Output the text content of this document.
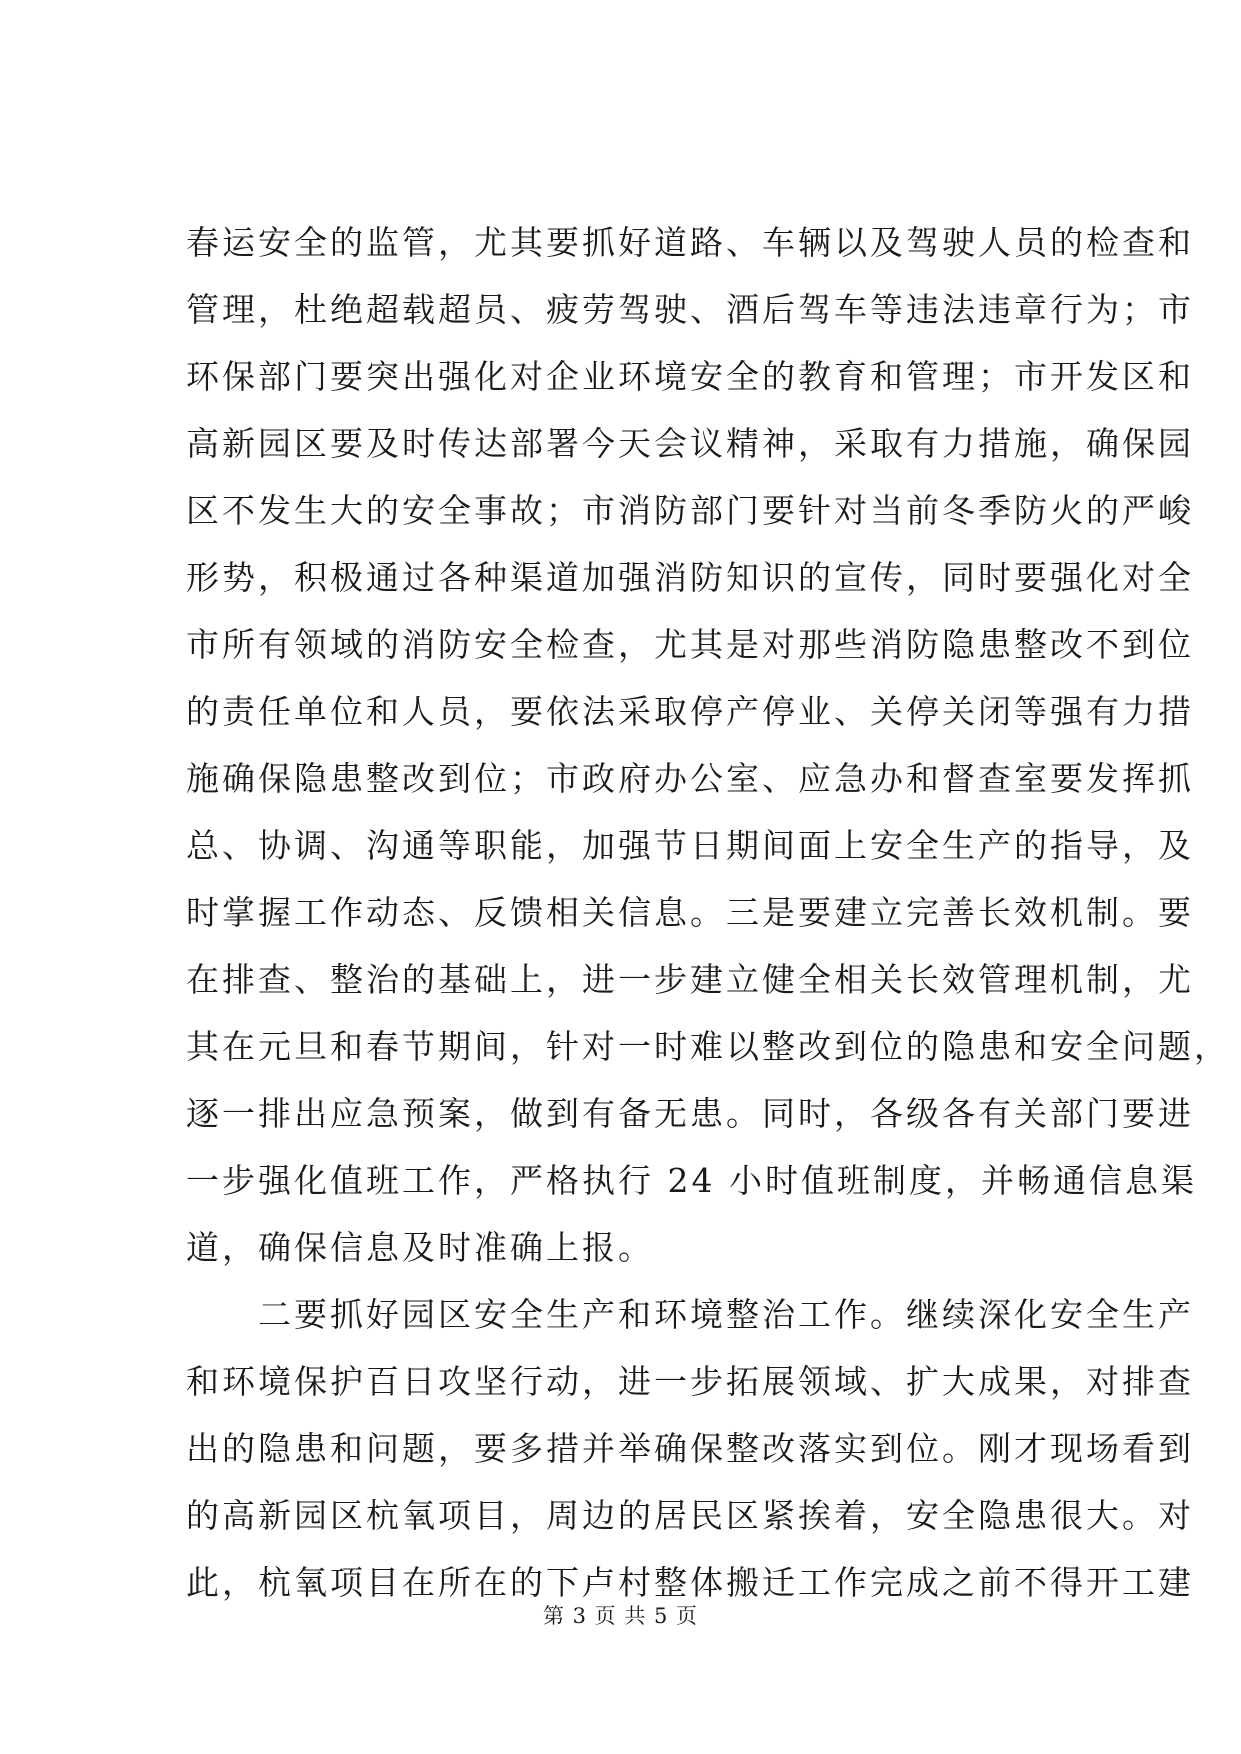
春运安全的监管，尤其要抓好道路、车辆以及驾驶人员的检查和
管理，杜绝超载超员、疲劳驾驶、酒后驾车等违法违章行为；市
环保部门要突出强化对企业环境安全的教育和管理；市开发区和
高新园区要及时传达部署今天会议精神，采取有力措施，确保园
区不发生大的安全事故；市消防部门要针对当前冬季防火的严峻
形势，积极通过各种渠道加强消防知识的宣传，同时要强化对全
市所有领域的消防安全检查，尤其是对那些消防隐患整改不到位
的责任单位和人员，要依法采取停产停业、关停关闭等强有力措
施确保隐患整改到位；市政府办公室、应急办和督查室要发挥抓
总、协调、沟通等职能，加强节日期间面上安全生产的指导，及
时掌握工作动态、反馈相关信息。三是要建立完善长效机制。要
在排查、整治的基础上，进一步建立健全相关长效管理机制，尤
其在元旦和春节期间，针对一时难以整改到位的隐患和安全问题，
逐一排出应急预案，做到有备无患。同时，各级各有关部门要进
一步强化值班工作，严格执行 24 小时值班制度，并畅通信息渠
道，确保信息及时准确上报。
　　二要抓好园区安全生产和环境整治工作。继续深化安全生产
和环境保护百日攻坚行动，进一步拓展领域、扩大成果，对排查
出的隐患和问题，要多措并举确保整改落实到位。刚才现场看到
的高新园区杭氧项目，周边的居民区紧挨着，安全隐患很大。对
此，杭氧项目在所在的下卢村整体搬迁工作完成之前不得开工建
第 3 页 共 5 页
